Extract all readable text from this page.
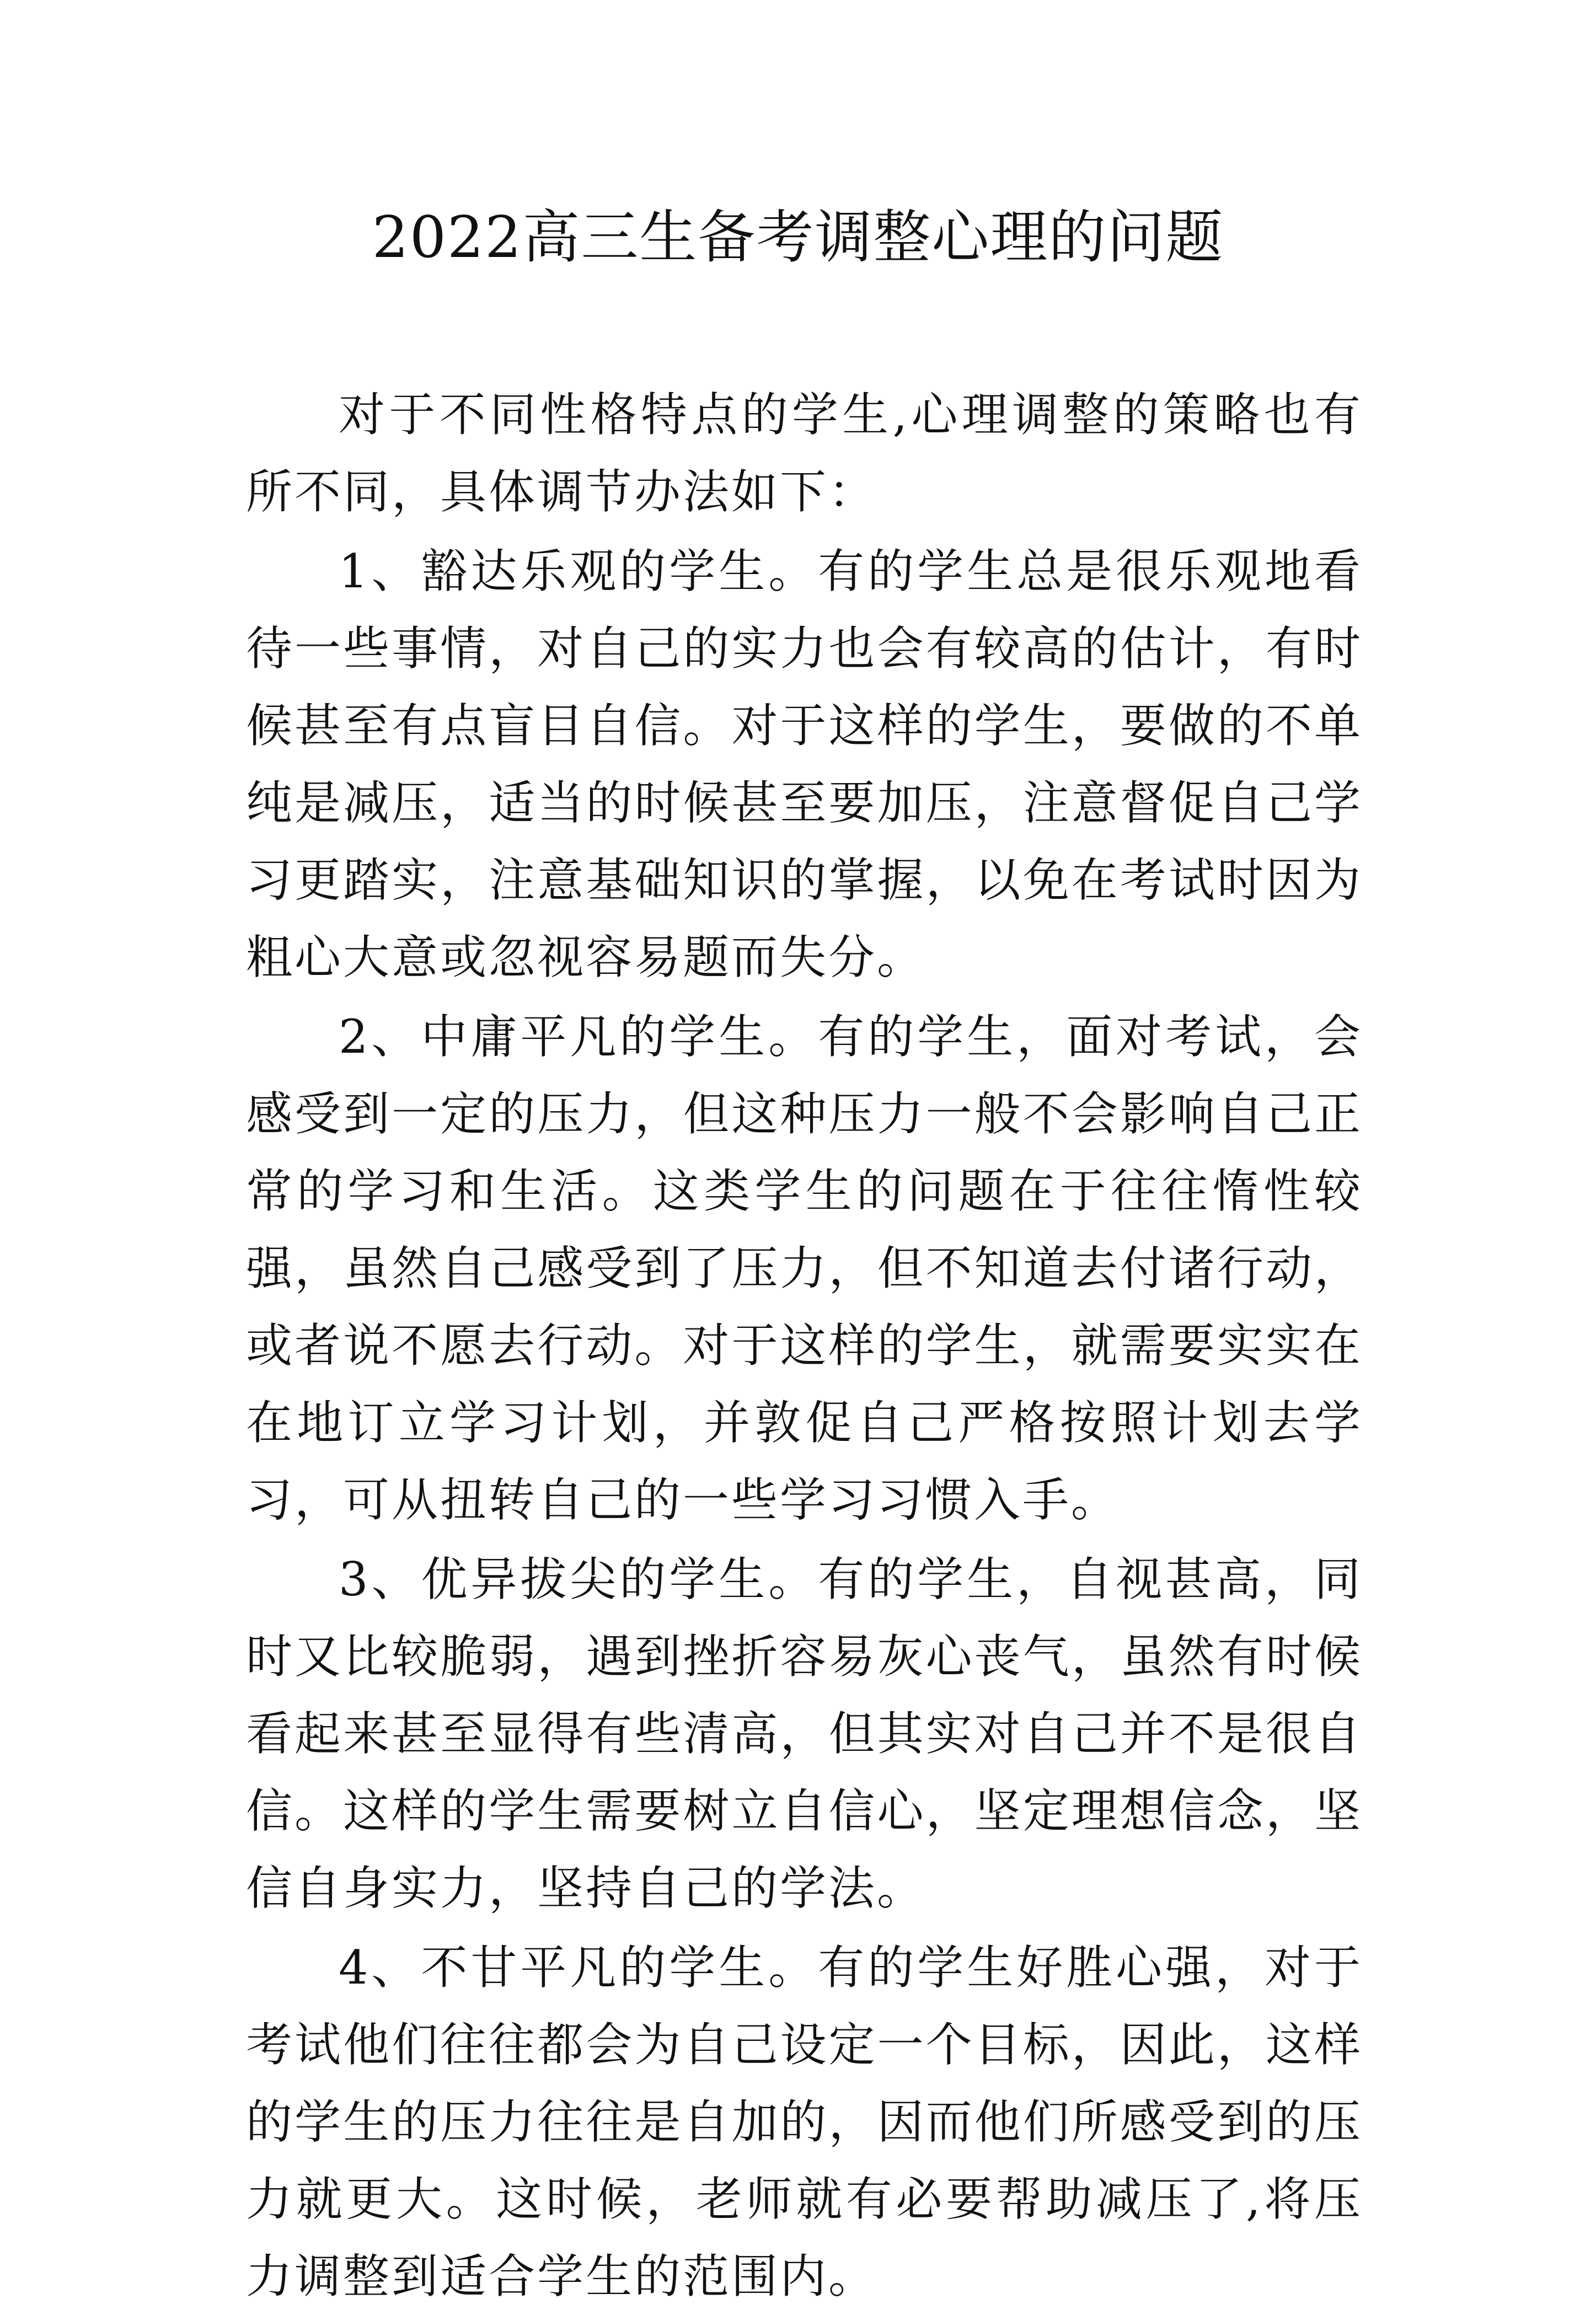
2022高三生备考调整心理的问题

对于不同性格特点的学生,心理调整的策略也有所不同，具体调节办法如下：

1、豁达乐观的学生。有的学生总是很乐观地看待一些事情，对自己的实力也会有较高的估计，有时候甚至有点盲目自信。对于这样的学生，要做的不单纯是减压，适当的时候甚至要加压，注意督促自己学习更踏实，注意基础知识的掌握，以免在考试时因为粗心大意或忽视容易题而失分。

2、中庸平凡的学生。有的学生，面对考试，会感受到一定的压力，但这种压力一般不会影响自己正常的学习和生活。这类学生的问题在于往往惰性较强，虽然自己感受到了压力，但不知道去付诸行动，或者说不愿去行动。对于这样的学生，就需要实实在在地订立学习计划，并敦促自己严格按照计划去学习，可从扭转自己的一些学习习惯入手。

3、优异拔尖的学生。有的学生，自视甚高，同时又比较脆弱，遇到挫折容易灰心丧气，虽然有时候看起来甚至显得有些清高，但其实对自己并不是很自信。这样的学生需要树立自信心，坚定理想信念，坚信自身实力，坚持自己的学法。

4、不甘平凡的学生。有的学生好胜心强，对于考试他们往往都会为自己设定一个目标，因此，这样的学生的压力往往是自加的，因而他们所感受到的压力就更大。这时候，老师就有必要帮助减压了,将压力调整到适合学生的范围内。
